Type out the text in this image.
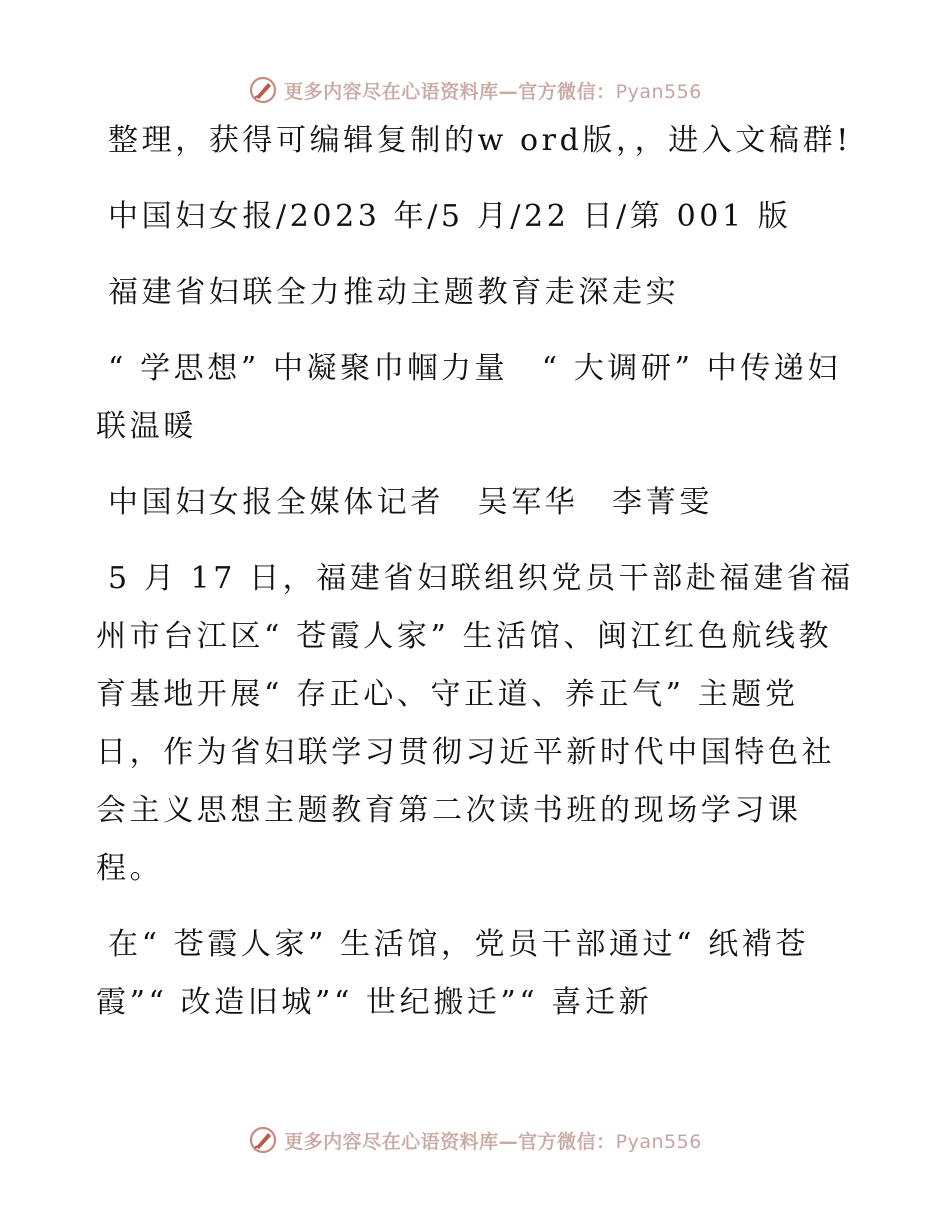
更多内容尽在心语资料库—官方微信：Pyan556

整理，获得可编辑复制的w ord版，，进入文稿群!

中国妇女报/2023 年/5 月/22 日/第 001 版

福建省妇联全力推动主题教育走深走实

“ 学思想” 中凝聚巾帼力量　“ 大调研” 中传递妇联温暖

中国妇女报全媒体记者　吴军华　李菁雯

5 月 17 日，福建省妇联组织党员干部赴福建省福州市台江区“ 苍霞人家” 生活馆、闽江红色航线教育基地开展“ 存正心、守正道、养正气” 主题党日，作为省妇联学习贯彻习近平新时代中国特色社会主义思想主题教育第二次读书班的现场学习课程。

在“ 苍霞人家” 生活馆，党员干部通过“ 纸褙苍霞”“ 改造旧城”“ 世纪搬迁”“ 喜迁新

更多内容尽在心语资料库—官方微信：Pyan556
